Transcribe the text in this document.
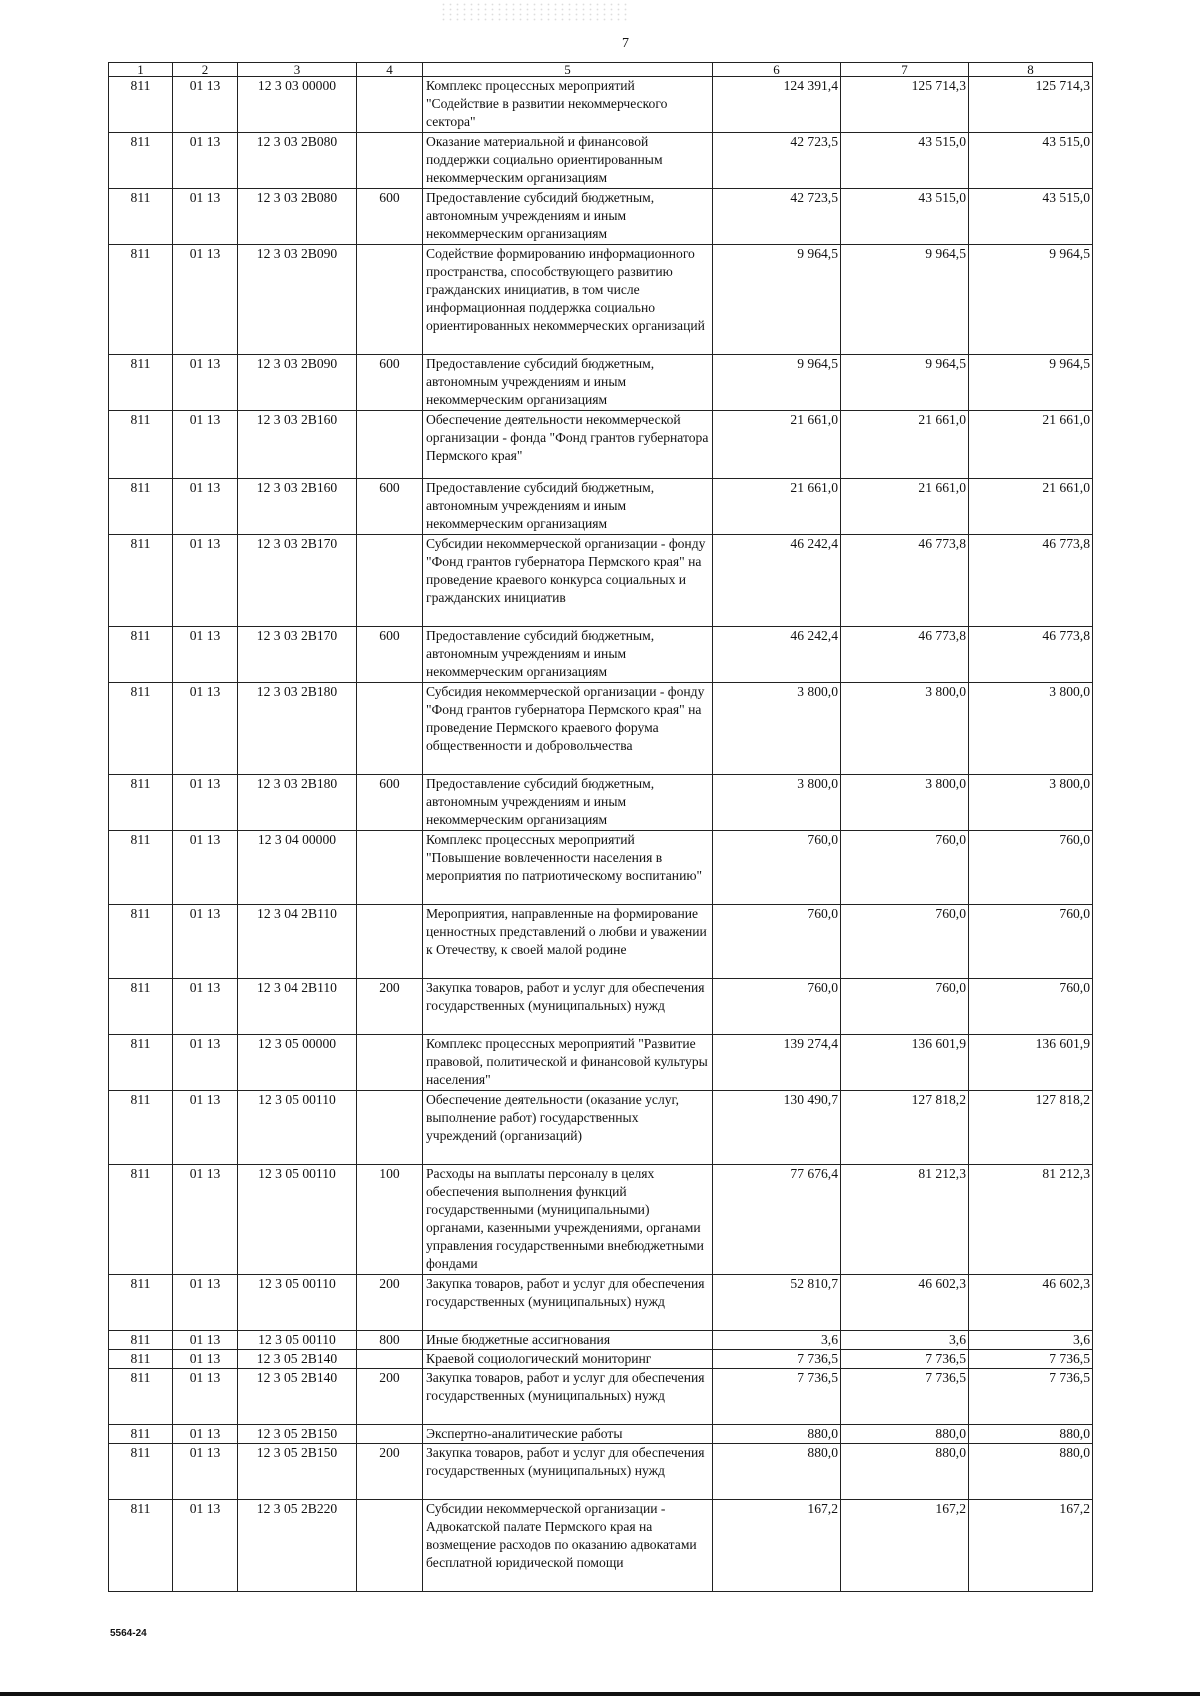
7
1	2	3	4	5	6	7	8
811	01 13	12 3 03 00000		Комплекс процессных мероприятий "Содействие в развитии некоммерческого сектора"	124 391,4	125 714,3	125 714,3
811	01 13	12 3 03 2В080		Оказание материальной и финансовой поддержки социально ориентированным некоммерческим организациям	42 723,5	43 515,0	43 515,0
811	01 13	12 3 03 2В080	600	Предоставление субсидий бюджетным, автономным учреждениям и иным некоммерческим организациям	42 723,5	43 515,0	43 515,0
811	01 13	12 3 03 2В090		Содействие формированию информационного пространства, способствующего развитию гражданских инициатив, в том числе информационная поддержка социально ориентированных некоммерческих организаций	9 964,5	9 964,5	9 964,5
811	01 13	12 3 03 2В090	600	Предоставление субсидий бюджетным, автономным учреждениям и иным некоммерческим организациям	9 964,5	9 964,5	9 964,5
811	01 13	12 3 03 2В160		Обеспечение деятельности некоммерческой организации - фонда "Фонд грантов губернатора Пермского края"	21 661,0	21 661,0	21 661,0
811	01 13	12 3 03 2В160	600	Предоставление субсидий бюджетным, автономным учреждениям и иным некоммерческим организациям	21 661,0	21 661,0	21 661,0
811	01 13	12 3 03 2В170		Субсидии некоммерческой организации - фонду "Фонд грантов губернатора Пермского края" на проведение краевого конкурса социальных и гражданских инициатив	46 242,4	46 773,8	46 773,8
811	01 13	12 3 03 2В170	600	Предоставление субсидий бюджетным, автономным учреждениям и иным некоммерческим организациям	46 242,4	46 773,8	46 773,8
811	01 13	12 3 03 2В180		Субсидия некоммерческой организации - фонду "Фонд грантов губернатора Пермского края" на проведение Пермского краевого форума общественности и добровольчества	3 800,0	3 800,0	3 800,0
811	01 13	12 3 03 2В180	600	Предоставление субсидий бюджетным, автономным учреждениям и иным некоммерческим организациям	3 800,0	3 800,0	3 800,0
811	01 13	12 3 04 00000		Комплекс процессных мероприятий "Повышение вовлеченности населения в мероприятия по патриотическому воспитанию"	760,0	760,0	760,0
811	01 13	12 3 04 2В110		Мероприятия, направленные на формирование ценностных представлений о любви и уважении к Отечеству, к своей малой родине	760,0	760,0	760,0
811	01 13	12 3 04 2В110	200	Закупка товаров, работ и услуг для обеспечения государственных (муниципальных) нужд	760,0	760,0	760,0
811	01 13	12 3 05 00000		Комплекс процессных мероприятий "Развитие правовой, политической и финансовой культуры населения"	139 274,4	136 601,9	136 601,9
811	01 13	12 3 05 00110		Обеспечение деятельности (оказание услуг, выполнение работ) государственных учреждений (организаций)	130 490,7	127 818,2	127 818,2
811	01 13	12 3 05 00110	100	Расходы на выплаты персоналу в целях обеспечения выполнения функций государственными (муниципальными) органами, казенными учреждениями, органами управления государственными внебюджетными фондами	77 676,4	81 212,3	81 212,3
811	01 13	12 3 05 00110	200	Закупка товаров, работ и услуг для обеспечения государственных (муниципальных) нужд	52 810,7	46 602,3	46 602,3
811	01 13	12 3 05 00110	800	Иные бюджетные ассигнования	3,6	3,6	3,6
811	01 13	12 3 05 2В140		Краевой социологический мониторинг	7 736,5	7 736,5	7 736,5
811	01 13	12 3 05 2В140	200	Закупка товаров, работ и услуг для обеспечения государственных (муниципальных) нужд	7 736,5	7 736,5	7 736,5
811	01 13	12 3 05 2В150		Экспертно-аналитические работы	880,0	880,0	880,0
811	01 13	12 3 05 2В150	200	Закупка товаров, работ и услуг для обеспечения государственных (муниципальных) нужд	880,0	880,0	880,0
811	01 13	12 3 05 2В220		Субсидии некоммерческой организации - Адвокатской палате Пермского края на возмещение расходов по оказанию адвокатами бесплатной юридической помощи	167,2	167,2	167,2
5564-24
